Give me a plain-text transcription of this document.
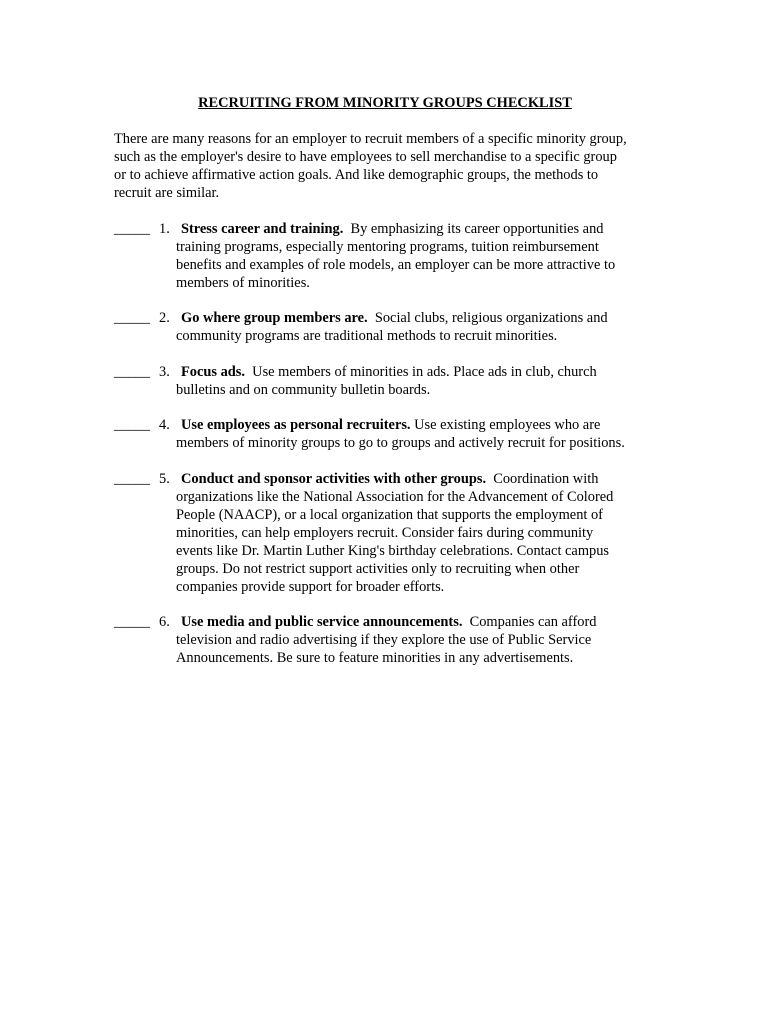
RECRUITING FROM MINORITY GROUPS CHECKLIST
There are many reasons for an employer to recruit members of a specific minority group,
such as the employer's desire to have employees to sell merchandise to a specific group
or to achieve affirmative action goals. And like demographic groups, the methods to
recruit are similar.
_____ 1. Stress career and training.  By emphasizing its career opportunities and
training programs, especially mentoring programs, tuition reimbursement
benefits and examples of role models, an employer can be more attractive to
members of minorities.
_____ 2. Go where group members are.  Social clubs, religious organizations and
community programs are traditional methods to recruit minorities.
_____ 3. Focus ads.  Use members of minorities in ads. Place ads in club, church
bulletins and on community bulletin boards.
_____ 4. Use employees as personal recruiters. Use existing employees who are
members of minority groups to go to groups and actively recruit for positions.
_____ 5. Conduct and sponsor activities with other groups.  Coordination with
organizations like the National Association for the Advancement of Colored
People (NAACP), or a local organization that supports the employment of
minorities, can help employers recruit. Consider fairs during community
events like Dr. Martin Luther King's birthday celebrations. Contact campus
groups. Do not restrict support activities only to recruiting when other
companies provide support for broader efforts.
_____ 6. Use media and public service announcements.  Companies can afford
television and radio advertising if they explore the use of Public Service
Announcements. Be sure to feature minorities in any advertisements.
